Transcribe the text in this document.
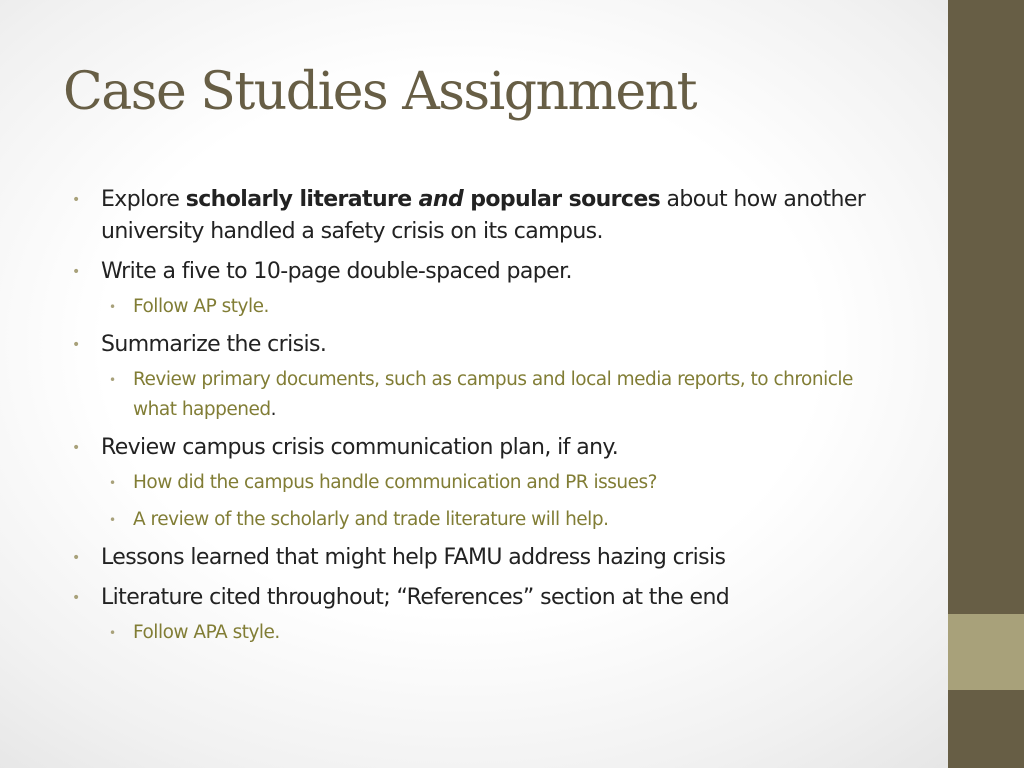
Case Studies Assignment
• Explore scholarly literature and popular sources about how another university handled a safety crisis on its campus.
• Write a five to 10-page double-spaced paper.
• Follow AP style.
• Summarize the crisis.
• Review primary documents, such as campus and local media reports, to chronicle what happened.
• Review campus crisis communication plan, if any.
• How did the campus handle communication and PR issues?
• A review of the scholarly and trade literature will help.
• Lessons learned that might help FAMU address hazing crisis
• Literature cited throughout; “References” section at the end
• Follow APA style.
